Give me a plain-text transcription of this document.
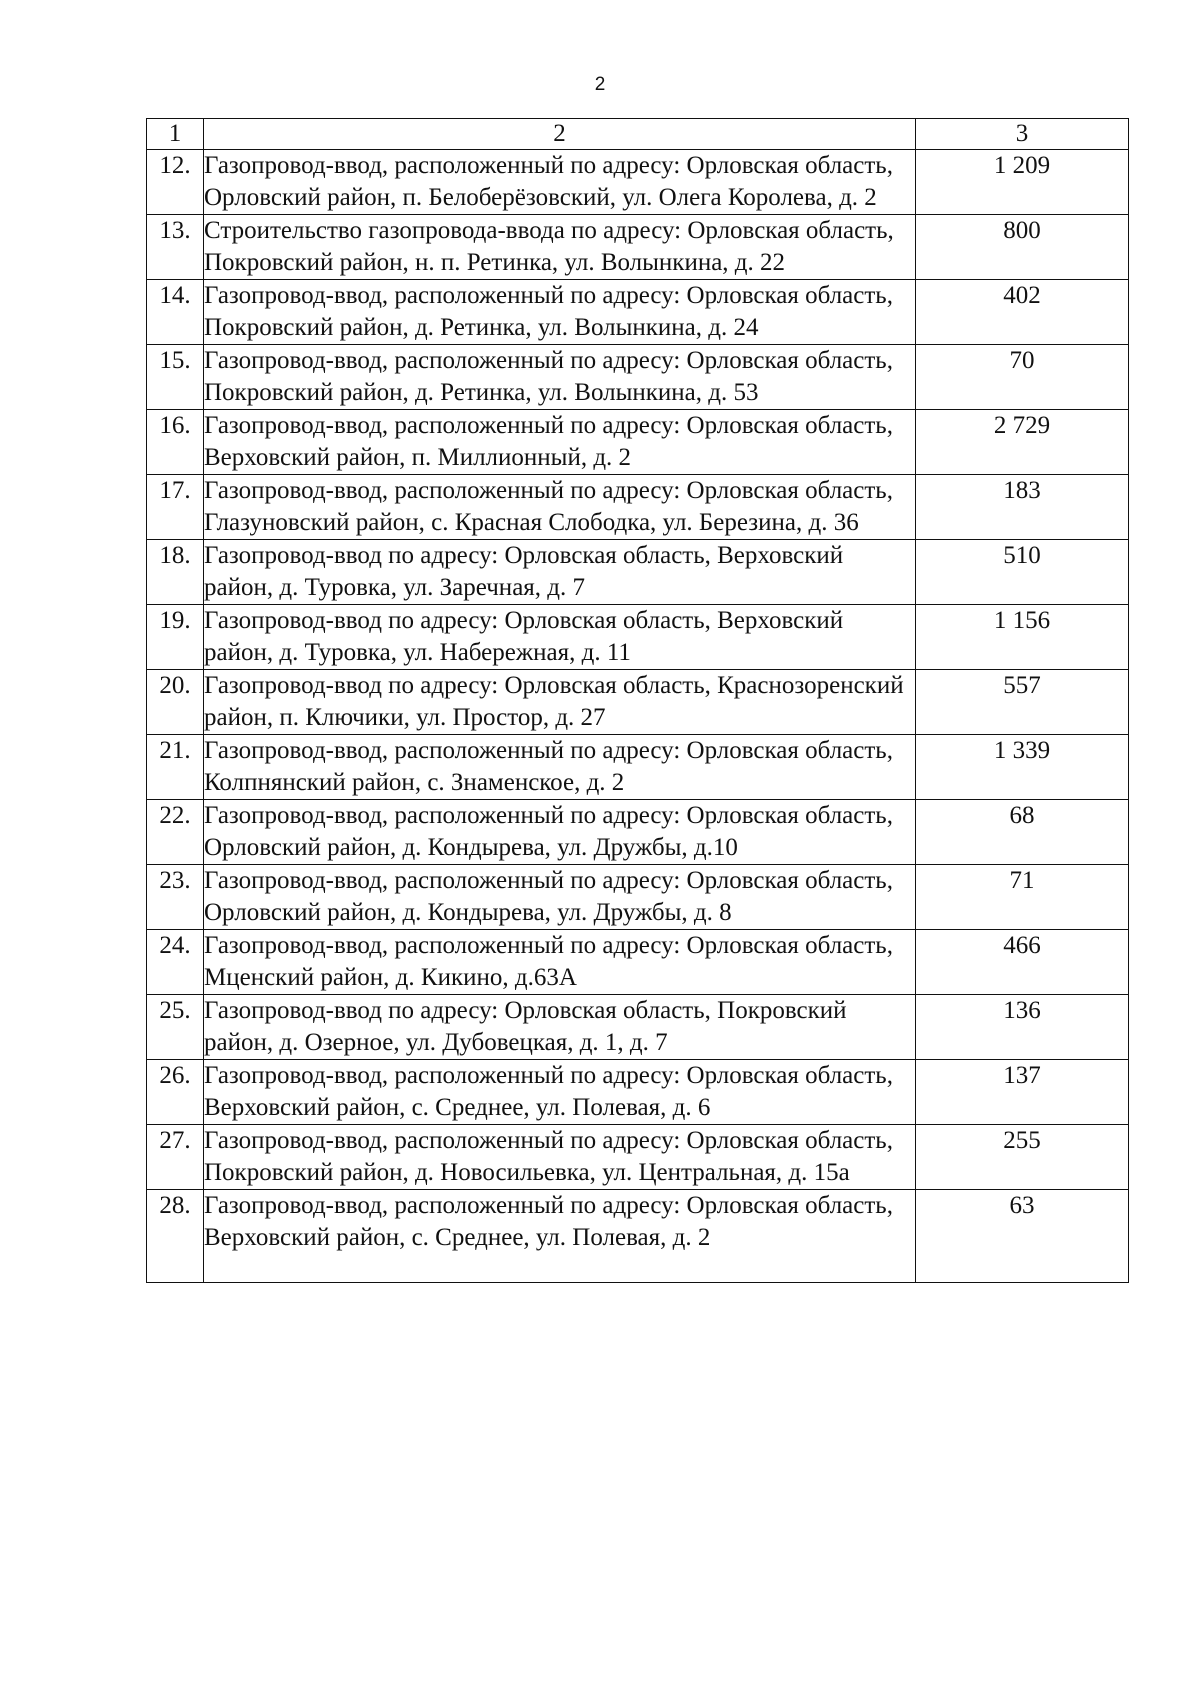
2
1	2	3
12.	Газопровод-ввод, расположенный по адресу: Орловская область, Орловский район, п. Белоберёзовский, ул. Олега Королева, д. 2	1 209
13.	Строительство газопровода-ввода по адресу: Орловская область, Покровский район, н. п. Ретинка, ул. Волынкина, д. 22	800
14.	Газопровод-ввод, расположенный по адресу: Орловская область, Покровский район, д. Ретинка, ул. Волынкина, д. 24	402
15.	Газопровод-ввод, расположенный по адресу: Орловская область, Покровский район, д. Ретинка, ул. Волынкина, д. 53	70
16.	Газопровод-ввод, расположенный по адресу: Орловская область, Верховский район, п. Миллионный, д. 2	2 729
17.	Газопровод-ввод, расположенный по адресу: Орловская область, Глазуновский район, с. Красная Слободка, ул. Березина, д. 36	183
18.	Газопровод-ввод по адресу: Орловская область, Верховский район, д. Туровка, ул. Заречная, д. 7	510
19.	Газопровод-ввод по адресу: Орловская область, Верховский район, д. Туровка, ул. Набережная, д. 11	1 156
20.	Газопровод-ввод по адресу: Орловская область, Краснозоренский район, п. Ключики, ул. Простор, д. 27	557
21.	Газопровод-ввод, расположенный по адресу: Орловская область, Колпнянский район, с. Знаменское, д. 2	1 339
22.	Газопровод-ввод, расположенный по адресу: Орловская область, Орловский район, д. Кондырева, ул. Дружбы, д.10	68
23.	Газопровод-ввод, расположенный по адресу: Орловская область, Орловский район, д. Кондырева, ул. Дружбы, д. 8	71
24.	Газопровод-ввод, расположенный по адресу: Орловская область, Мценский район, д. Кикино, д.63А	466
25.	Газопровод-ввод по адресу: Орловская область, Покровский район, д. Озерное, ул. Дубовецкая, д. 1, д. 7	136
26.	Газопровод-ввод, расположенный по адресу: Орловская область, Верховский район, с. Среднее, ул. Полевая, д. 6	137
27.	Газопровод-ввод, расположенный по адресу: Орловская область, Покровский район, д. Новосильевка, ул. Центральная, д. 15а	255
28.	Газопровод-ввод, расположенный по адресу: Орловская область, Верховский район, с. Среднее, ул. Полевая, д. 2	63
